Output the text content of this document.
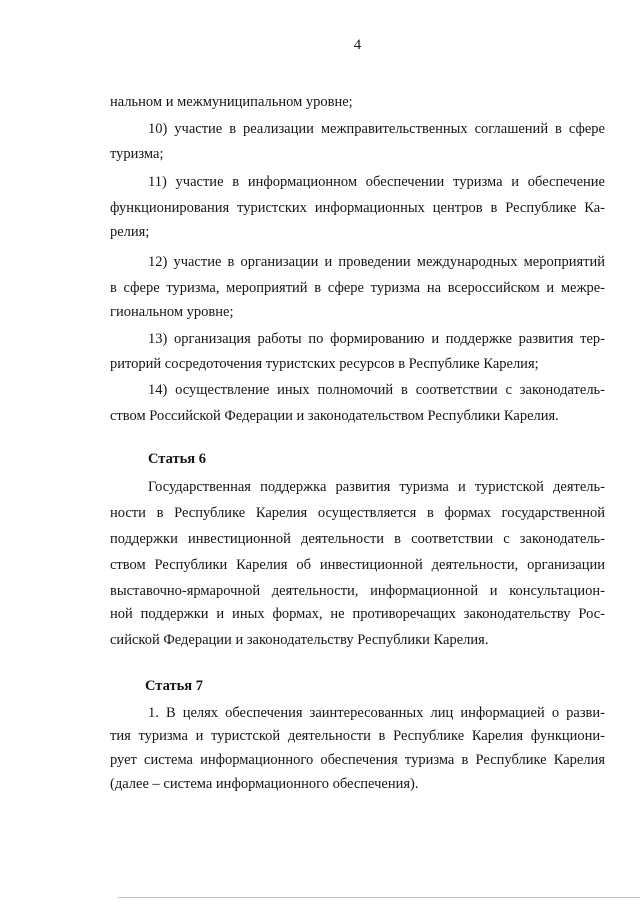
4
нальном и межмуниципальном уровне;
10) участие в реализации межправительственных соглашений в сфере
туризма;
11) участие в информационном обеспечении туризма и обеспечение
функционирования туристских информационных центров в Республике Ка-
релия;
12) участие в организации и проведении международных мероприятий
в сфере туризма, мероприятий в сфере туризма на всероссийском и межре-
гиональном уровне;
13) организация работы по формированию и поддержке развития тер-
риторий сосредоточения туристских ресурсов в Республике Карелия;
14) осуществление иных полномочий в соответствии с законодатель-
ством Российской Федерации и законодательством Республики Карелия.
Статья 6
Государственная поддержка развития туризма и туристской деятель-
ности в Республике Карелия осуществляется в формах государственной
поддержки инвестиционной деятельности в соответствии с законодатель-
ством Республики Карелия об инвестиционной деятельности, организации
выставочно-ярмарочной деятельности, информационной и консультацион-
ной поддержки и иных формах, не противоречащих законодательству Рос-
сийской Федерации и законодательству Республики Карелия.
Статья 7
1. В целях обеспечения заинтересованных лиц информацией о разви-
тия туризма и туристской деятельности в Республике Карелия функциони-
рует система информационного обеспечения туризма в Республике Карелия
(далее – система информационного обеспечения).
